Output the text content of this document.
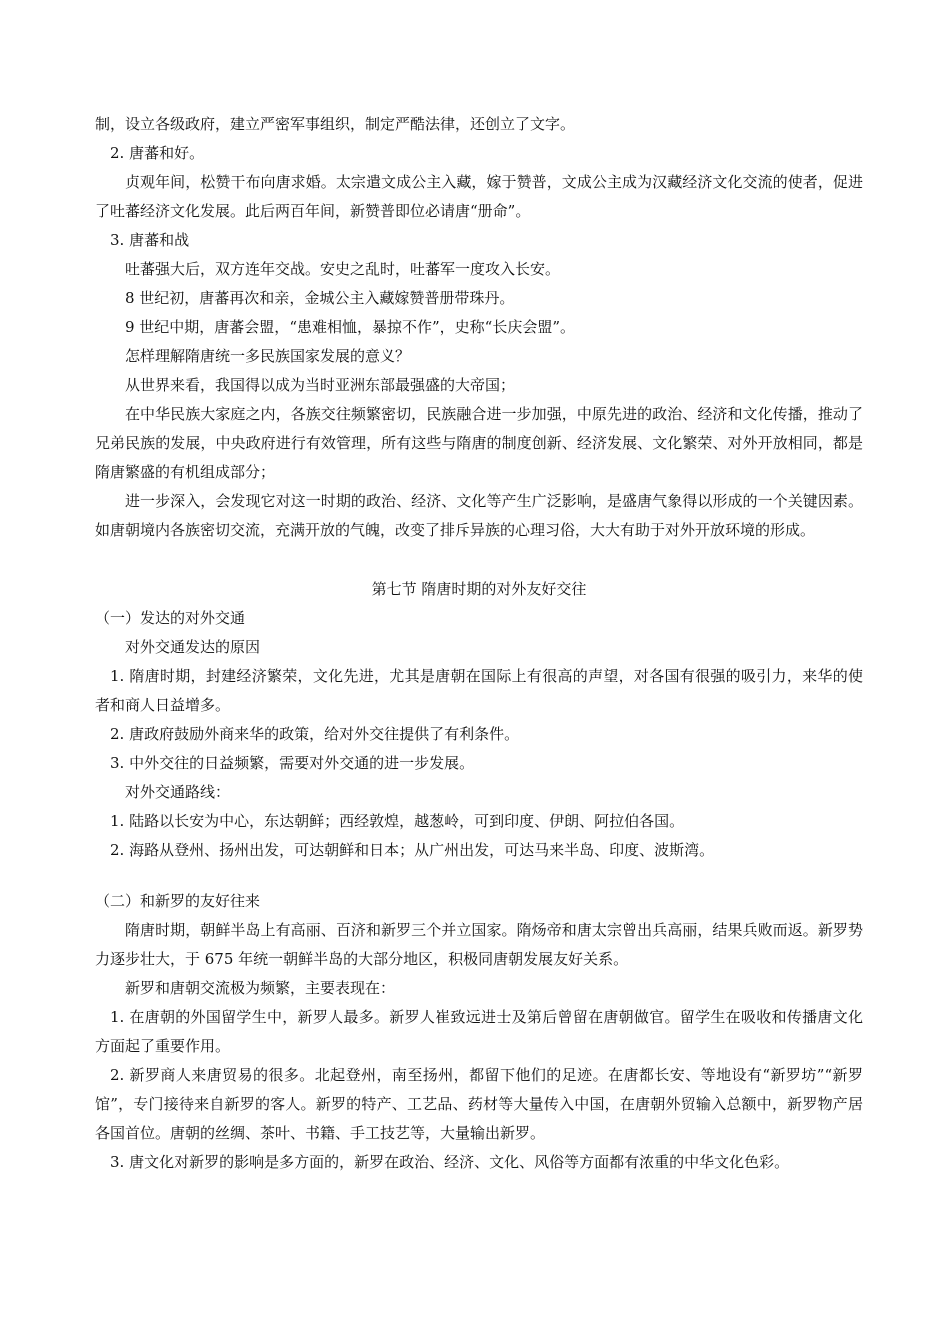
制，设立各级政府，建立严密军事组织，制定严酷法律，还创立了文字。
2. 唐蕃和好。
贞观年间，松赞干布向唐求婚。太宗遣文成公主入藏，嫁于赞普，文成公主成为汉藏经济文化交流的使者，促进了吐蕃经济文化发展。此后两百年间，新赞普即位必请唐“册命”。
3. 唐蕃和战
吐蕃强大后，双方连年交战。安史之乱时，吐蕃军一度攻入长安。
8 世纪初，唐蕃再次和亲，金城公主入藏嫁赞普册带珠丹。
9 世纪中期，唐蕃会盟，“患难相恤，暴掠不作”，史称“长庆会盟”。
怎样理解隋唐统一多民族国家发展的意义？
从世界来看，我国得以成为当时亚洲东部最强盛的大帝国；
在中华民族大家庭之内，各族交往频繁密切，民族融合进一步加强，中原先进的政治、经济和文化传播，推动了兄弟民族的发展，中央政府进行有效管理，所有这些与隋唐的制度创新、经济发展、文化繁荣、对外开放相同，都是隋唐繁盛的有机组成部分；
进一步深入，会发现它对这一时期的政治、经济、文化等产生广泛影响，是盛唐气象得以形成的一个关键因素。如唐朝境内各族密切交流，充满开放的气魄，改变了排斥异族的心理习俗，大大有助于对外开放环境的形成。
第七节 隋唐时期的对外友好交往
（一）发达的对外交通
对外交通发达的原因
1. 隋唐时期，封建经济繁荣，文化先进，尤其是唐朝在国际上有很高的声望，对各国有很强的吸引力，来华的使者和商人日益增多。
2. 唐政府鼓励外商来华的政策，给对外交往提供了有利条件。
3. 中外交往的日益频繁，需要对外交通的进一步发展。
对外交通路线：
1. 陆路以长安为中心，东达朝鲜；西经敦煌，越葱岭，可到印度、伊朗、阿拉伯各国。
2. 海路从登州、扬州出发，可达朝鲜和日本；从广州出发，可达马来半岛、印度、波斯湾。
（二）和新罗的友好往来
隋唐时期，朝鲜半岛上有高丽、百济和新罗三个并立国家。隋炀帝和唐太宗曾出兵高丽，结果兵败而返。新罗势力逐步壮大，于 675 年统一朝鲜半岛的大部分地区，积极同唐朝发展友好关系。
新罗和唐朝交流极为频繁，主要表现在：
1. 在唐朝的外国留学生中，新罗人最多。新罗人崔致远进士及第后曾留在唐朝做官。留学生在吸收和传播唐文化方面起了重要作用。
2. 新罗商人来唐贸易的很多。北起登州，南至扬州，都留下他们的足迹。在唐都长安、等地设有“新罗坊”“新罗馆”，专门接待来自新罗的客人。新罗的特产、工艺品、药材等大量传入中国，在唐朝外贸输入总额中，新罗物产居各国首位。唐朝的丝绸、茶叶、书籍、手工技艺等，大量输出新罗。
3. 唐文化对新罗的影响是多方面的，新罗在政治、经济、文化、风俗等方面都有浓重的中华文化色彩。
